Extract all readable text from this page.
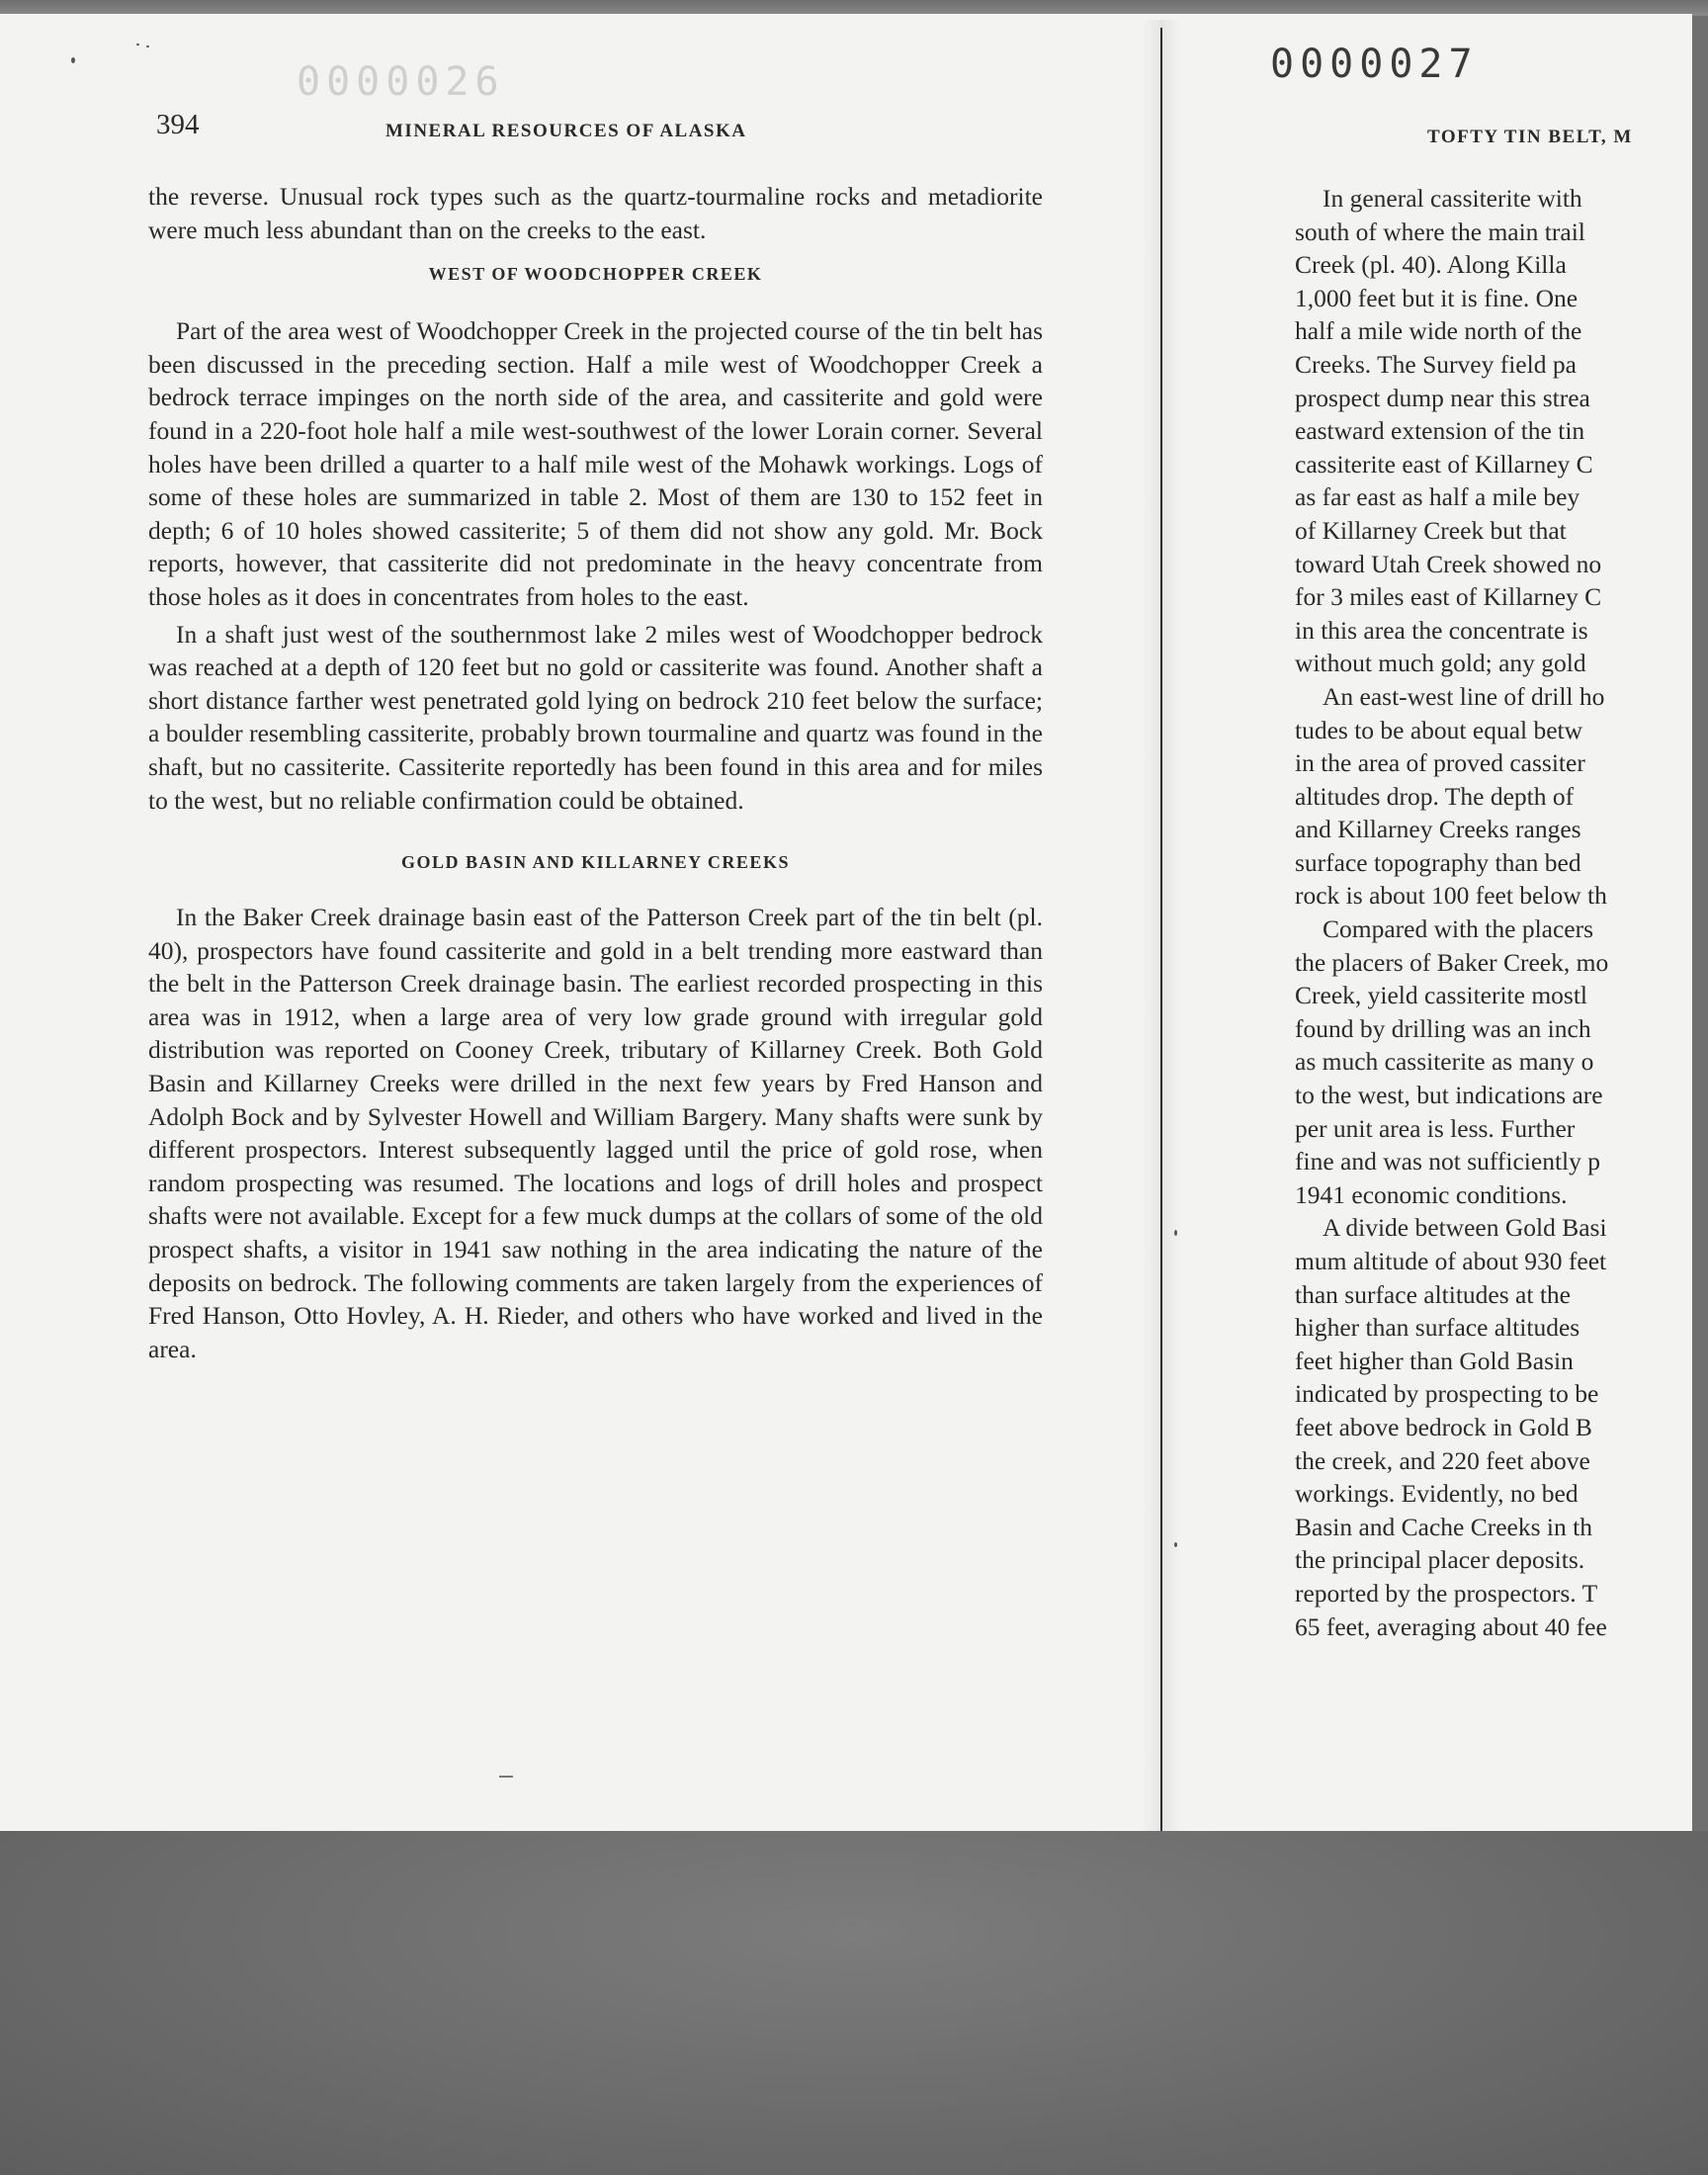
0000026	0000027
394	MINERAL RESOURCES OF ALASKA

the reverse. Unusual rock types such as the quartz-tourmaline rocks and metadiorite were much less abundant than on the creeks to the east.

WEST OF WOODCHOPPER CREEK

Part of the area west of Woodchopper Creek in the projected course of the tin belt has been discussed in the preceding section. Half a mile west of Woodchopper Creek a bedrock terrace impinges on the north side of the area, and cassiterite and gold were found in a 220-foot hole half a mile west-southwest of the lower Lorain corner. Several holes have been drilled a quarter to a half mile west of the Mohawk workings. Logs of some of these holes are summarized in table 2. Most of them are 130 to 152 feet in depth; 6 of 10 holes showed cassiterite; 5 of them did not show any gold. Mr. Bock reports, however, that cassiterite did not predominate in the heavy concentrate from those holes as it does in concentrates from holes to the east.

In a shaft just west of the southernmost lake 2 miles west of Woodchopper bedrock was reached at a depth of 120 feet but no gold or cassiterite was found. Another shaft a short distance farther west penetrated gold lying on bedrock 210 feet below the surface; a boulder resembling cassiterite, probably brown tourmaline and quartz was found in the shaft, but no cassiterite. Cassiterite reportedly has been found in this area and for miles to the west, but no reliable confirmation could be obtained.

GOLD BASIN AND KILLARNEY CREEKS

In the Baker Creek drainage basin east of the Patterson Creek part of the tin belt (pl. 40), prospectors have found cassiterite and gold in a belt trending more eastward than the belt in the Patterson Creek drainage basin. The earliest recorded prospecting in this area was in 1912, when a large area of very low grade ground with irregular gold distribution was reported on Cooney Creek, tributary of Killarney Creek. Both Gold Basin and Killarney Creeks were drilled in the next few years by Fred Hanson and Adolph Bock and by Sylvester Howell and William Bargery. Many shafts were sunk by different prospectors. Interest subsequently lagged until the price of gold rose, when random prospecting was resumed. The locations and logs of drill holes and prospect shafts were not available. Except for a few muck dumps at the collars of some of the old prospect shafts, a visitor in 1941 saw nothing in the area indicating the nature of the deposits on bedrock. The following comments are taken largely from the experiences of Fred Hanson, Otto Hovley, A. H. Rieder, and others who have worked and lived in the area.

TOFTY TIN BELT, M

In general cassiterite with

south of where the main trail

Creek (pl. 40). Along Killa

1,000 feet but it is fine. One

half a mile wide north of the

Creeks. The Survey field pa

prospect dump near this strea

eastward extension of the tin

cassiterite east of Killarney C

as far east as half a mile bey

of Killarney Creek but that

toward Utah Creek showed no

for 3 miles east of Killarney C

in this area the concentrate is

without much gold; any gold

An east-west line of drill ho

tudes to be about equal betw

in the area of proved cassiter

altitudes drop. The depth of

and Killarney Creeks ranges

surface topography than bed

rock is about 100 feet below th

Compared with the placers

the placers of Baker Creek, mo

Creek, yield cassiterite mostl

found by drilling was an inch

as much cassiterite as many o

to the west, but indications are

per unit area is less. Further

fine and was not sufficiently p

1941 economic conditions.

A divide between Gold Basi

mum altitude of about 930 feet

than surface altitudes at the

higher than surface altitudes

feet higher than Gold Basin

indicated by prospecting to be

feet above bedrock in Gold B

the creek, and 220 feet above

workings. Evidently, no bed

Basin and Cache Creeks in th

the principal placer deposits.

reported by the prospectors. T

65 feet, averaging about 40 fee
